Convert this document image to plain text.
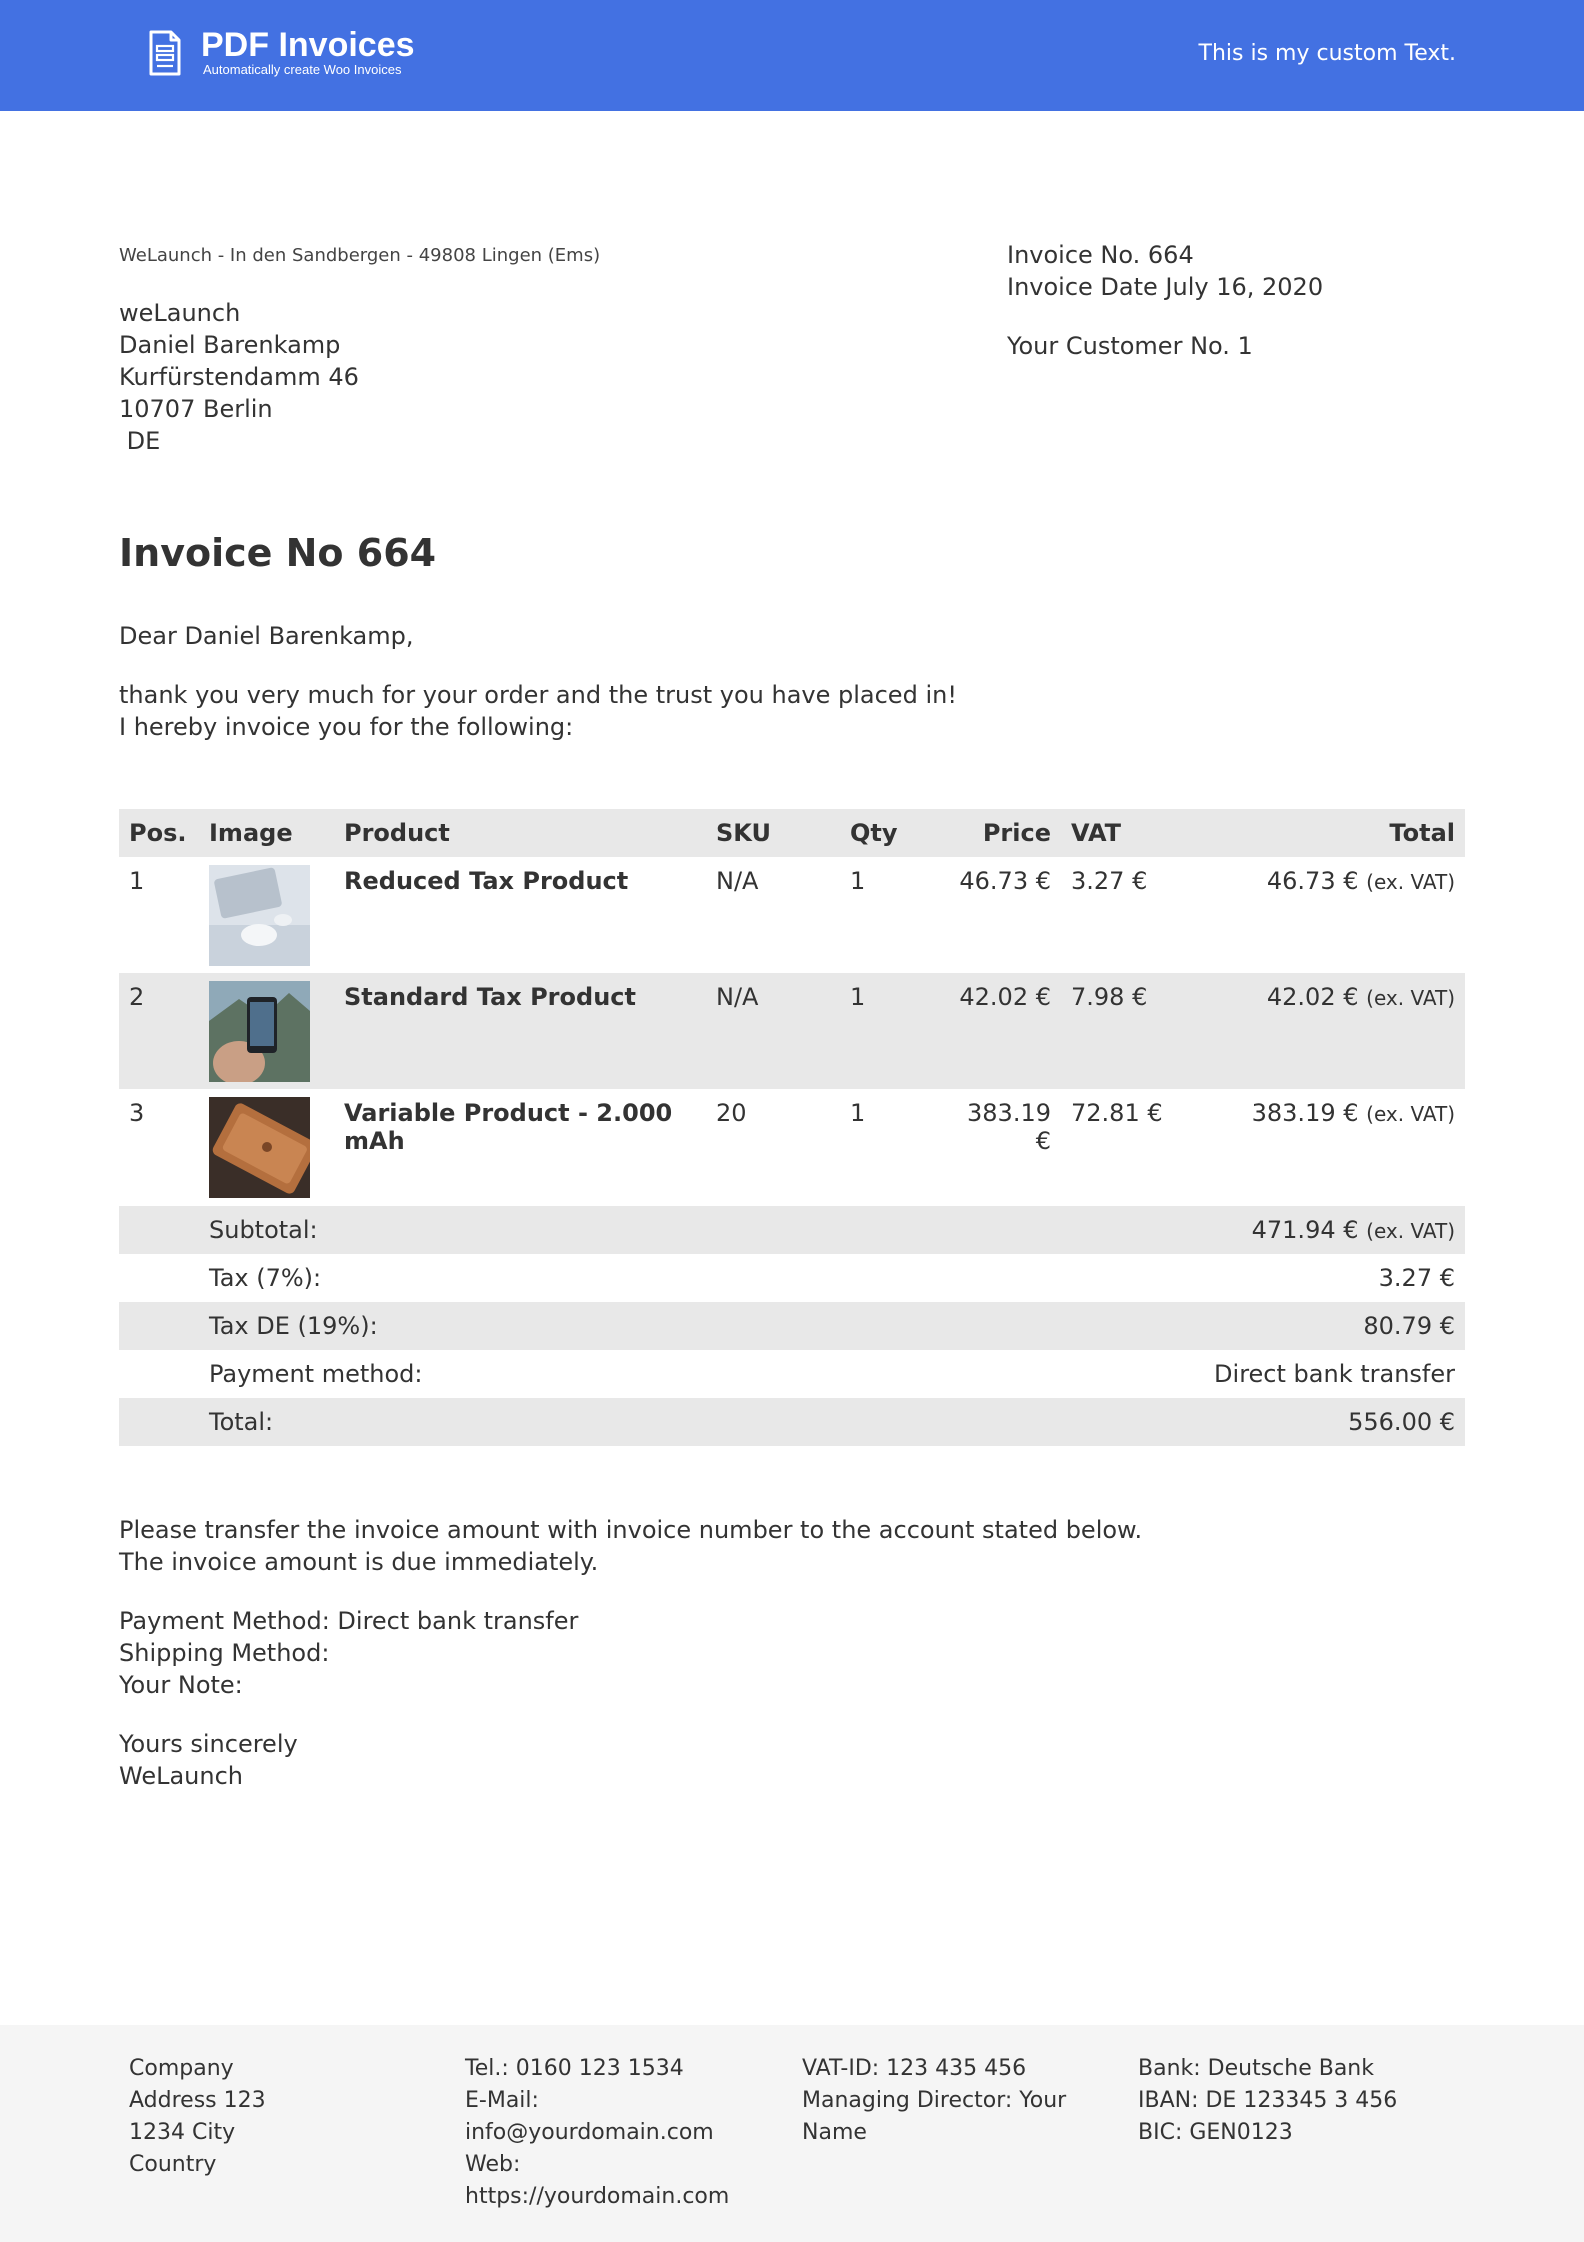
PDF Invoices
Automatically create Woo Invoices
This is my custom Text.
WeLaunch - In den Sandbergen - 49808 Lingen (Ems)
weLaunch
Daniel Barenkamp
Kurfürstendamm 46
10707 Berlin
DE
Invoice No. 664
Invoice Date July 16, 2020
Your Customer No. 1
Invoice No 664
Dear Daniel Barenkamp,
thank you very much for your order and the trust you have placed in!
I hereby invoice you for the following:
Pos.	Image	Product	SKU	Qty	Price	VAT	Total
1		Reduced Tax Product	N/A	1	46.73 €	3.27 €	46.73 € (ex. VAT)
2		Standard Tax Product	N/A	1	42.02 €	7.98 €	42.02 € (ex. VAT)
3		Variable Product - 2.000 mAh	20	1	383.19 €	72.81 €	383.19 € (ex. VAT)
	Subtotal:	471.94 € (ex. VAT)
	Tax (7%):	3.27 €
	Tax DE (19%):	80.79 €
	Payment method:	Direct bank transfer
	Total:	556.00 €
Please transfer the invoice amount with invoice number to the account stated below.
The invoice amount is due immediately.
Payment Method: Direct bank transfer
Shipping Method:
Your Note:
Yours sincerely
WeLaunch
Company
Address 123
1234 City
Country
Tel.: 0160 123 1534
E-Mail:
info@yourdomain.com
Web:
https://yourdomain.com
VAT-ID: 123 435 456
Managing Director: Your
Name
Bank: Deutsche Bank
IBAN: DE 123345 3 456
BIC: GEN0123
